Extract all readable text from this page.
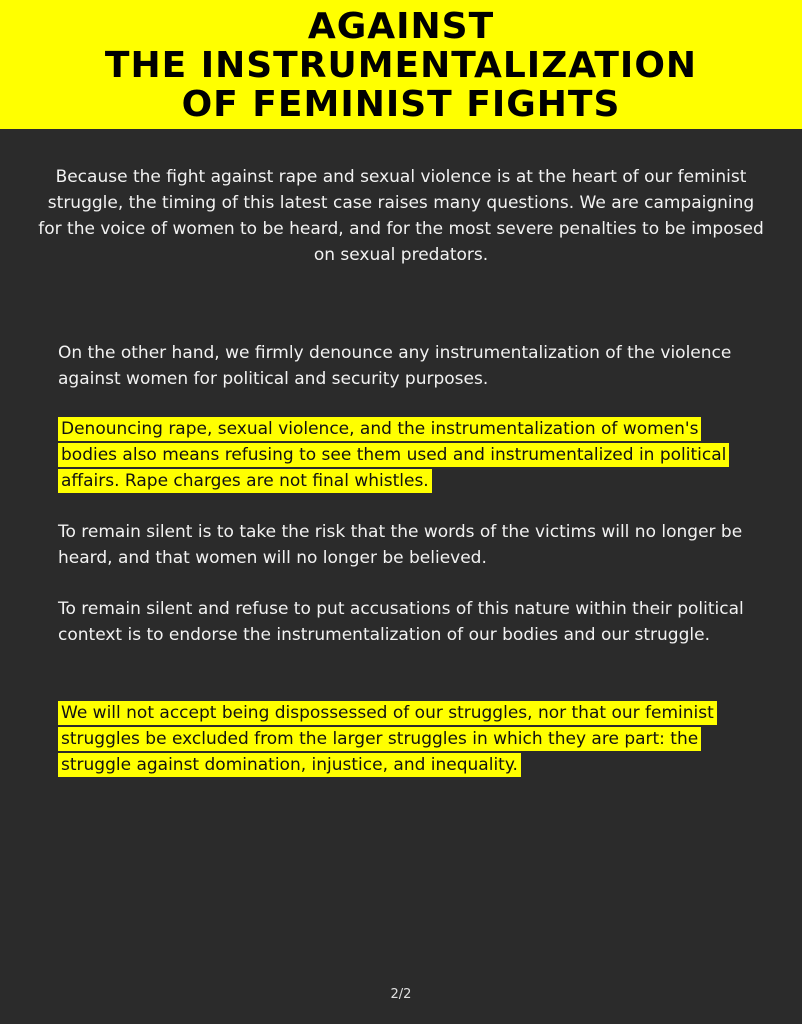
AGAINST
THE INSTRUMENTALIZATION
OF FEMINIST FIGHTS

Because the fight against rape and sexual violence is at the heart of our feminist struggle, the timing of this latest case raises many questions. We are campaigning for the voice of women to be heard, and for the most severe penalties to be imposed on sexual predators.

On the other hand, we firmly denounce any instrumentalization of the violence against women for political and security purposes.

Denouncing rape, sexual violence, and the instrumentalization of women's bodies also means refusing to see them used and instrumentalized in political affairs. Rape charges are not final whistles.

To remain silent is to take the risk that the words of the victims will no longer be heard, and that women will no longer be believed.

To remain silent and refuse to put accusations of this nature within their political context is to endorse the instrumentalization of our bodies and our struggle.

We will not accept being dispossessed of our struggles, nor that our feminist struggles be excluded from the larger struggles in which they are part: the struggle against domination, injustice, and inequality.

2/2
